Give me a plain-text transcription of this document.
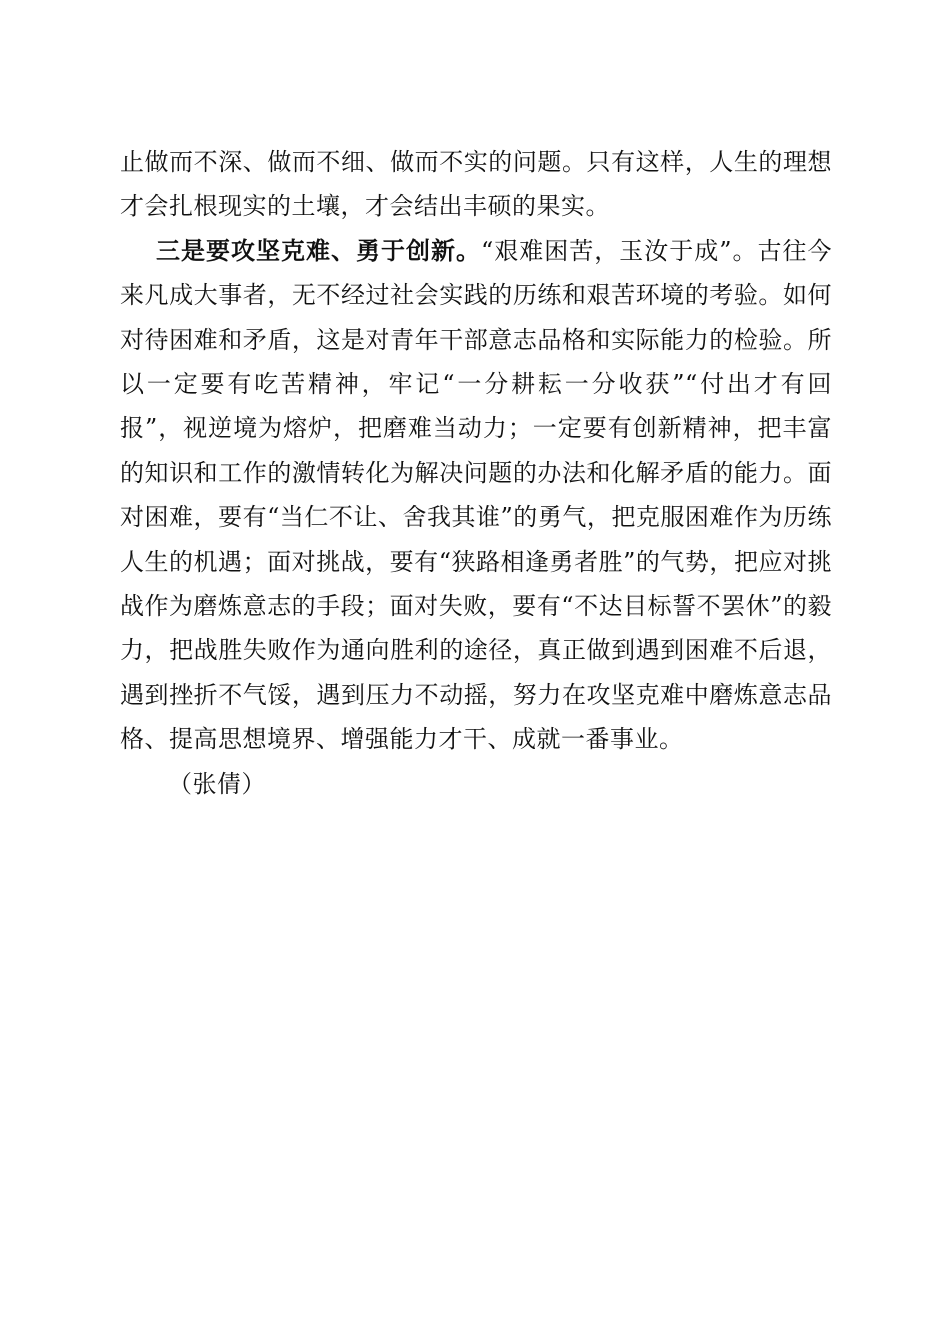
止做而不深、做而不细、做而不实的问题。只有这样，人生的理想才会扎根现实的土壤，才会结出丰硕的果实。

三是要攻坚克难、勇于创新。“艰难困苦，玉汝于成”。古往今来凡成大事者，无不经过社会实践的历练和艰苦环境的考验。如何对待困难和矛盾，这是对青年干部意志品格和实际能力的检验。所以一定要有吃苦精神，牢记“一分耕耘一分收获”“付出才有回报”，视逆境为熔炉，把磨难当动力；一定要有创新精神，把丰富的知识和工作的激情转化为解决问题的办法和化解矛盾的能力。面对困难，要有“当仁不让、舍我其谁”的勇气，把克服困难作为历练人生的机遇；面对挑战，要有“狭路相逢勇者胜”的气势，把应对挑战作为磨炼意志的手段；面对失败，要有“不达目标誓不罢休”的毅力，把战胜失败作为通向胜利的途径，真正做到遇到困难不后退，遇到挫折不气馁，遇到压力不动摇，努力在攻坚克难中磨炼意志品格、提高思想境界、增强能力才干、成就一番事业。

（张倩）
